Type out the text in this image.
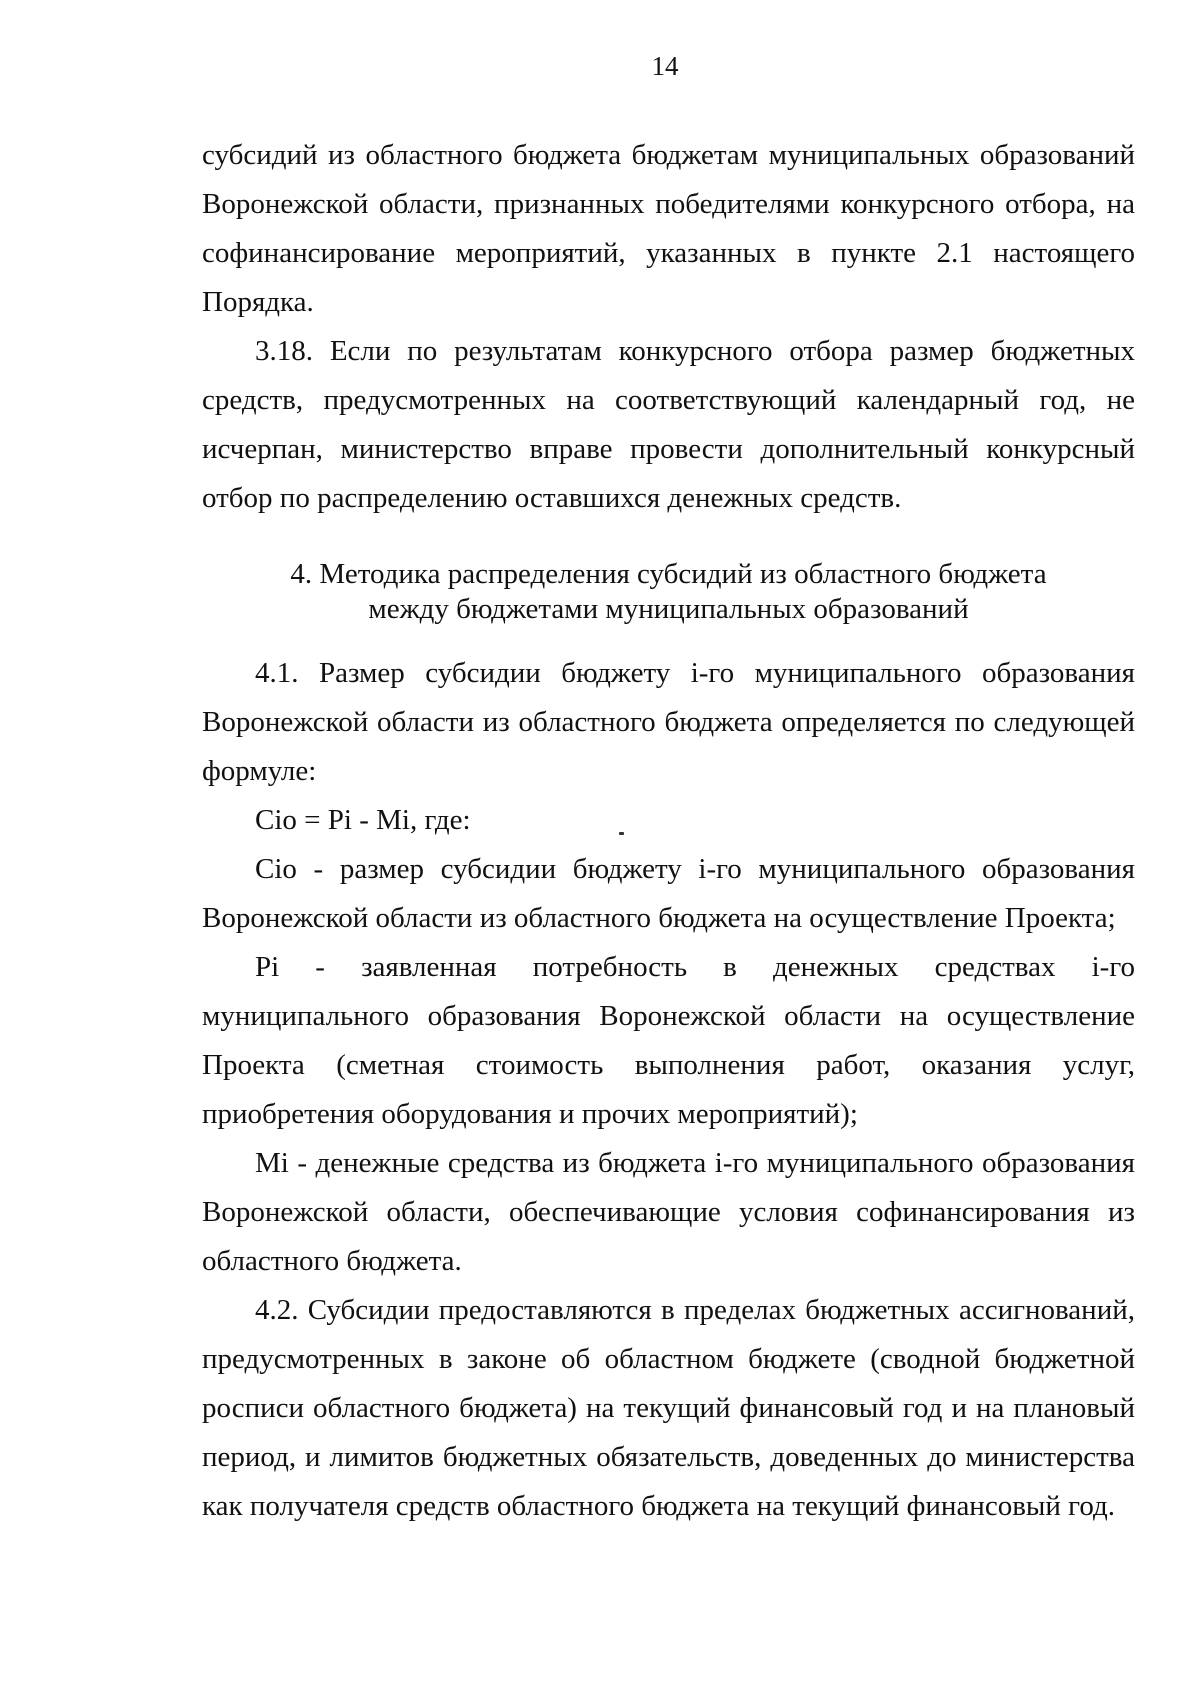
14

субсидий из областного бюджета бюджетам муниципальных образований Воронежской области, признанных победителями конкурсного отбора, на софинансирование мероприятий, указанных в пункте 2.1 настоящего Порядка.

3.18. Если по результатам конкурсного отбора размер бюджетных средств, предусмотренных на соответствующий календарный год, не исчерпан, министерство вправе провести дополнительный конкурсный отбор по распределению оставшихся денежных средств.

4. Методика распределения субсидий из областного бюджета
между бюджетами муниципальных образований

4.1. Размер субсидии бюджету i-го муниципального образования Воронежской области из областного бюджета определяется по следующей формуле:

Cio = Pi - Mi, где:

Cio - размер субсидии бюджету i-го муниципального образования Воронежской области из областного бюджета на осуществление Проекта;

Pi - заявленная потребность в денежных средствах i-го муниципального образования Воронежской области на осуществление Проекта (сметная стоимость выполнения работ, оказания услуг, приобретения оборудования и прочих мероприятий);

Mi - денежные средства из бюджета i-го муниципального образования Воронежской области, обеспечивающие условия софинансирования из областного бюджета.

4.2. Субсидии предоставляются в пределах бюджетных ассигнований, предусмотренных в законе об областном бюджете (сводной бюджетной росписи областного бюджета) на текущий финансовый год и на плановый период, и лимитов бюджетных обязательств, доведенных до министерства как получателя средств областного бюджета на текущий финансовый год.
